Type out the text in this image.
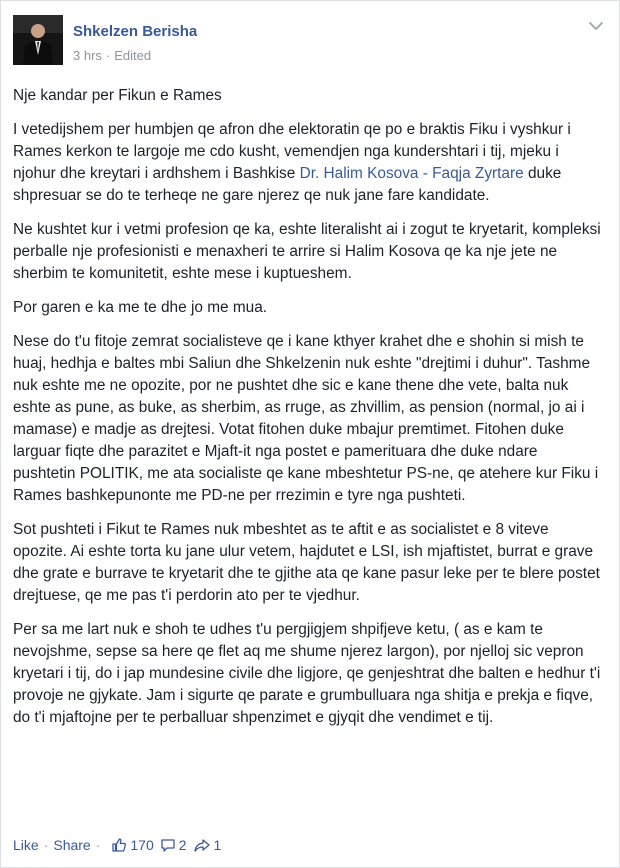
Shkelzen Berisha
3 hrs · Edited

Nje kandar per Fikun e Rames

I vetedijshem per humbjen qe afron dhe elektoratin qe po e braktis Fiku i vyshkur i Rames kerkon te largoje me cdo kusht, vemendjen nga kundershtari i tij, mjeku i njohur dhe kreytari i ardhshem i Bashkise Dr. Halim Kosova - Faqja Zyrtare duke shpresuar se do te terheqe ne gare njerez qe nuk jane fare kandidate.

Ne kushtet kur i vetmi profesion qe ka, eshte literalisht ai i zogut te kryetarit, kompleksi perballe nje profesionisti e menaxheri te arrire si Halim Kosova qe ka nje jete ne sherbim te komunitetit, eshte mese i kuptueshem.

Por garen e ka me te dhe jo me mua.

Nese do t'u fitoje zemrat socialisteve qe i kane kthyer krahet dhe e shohin si mish te huaj, hedhja e baltes mbi Saliun dhe Shkelzenin nuk eshte "drejtimi i duhur". Tashme nuk eshte me ne opozite, por ne pushtet dhe sic e kane thene dhe vete, balta nuk eshte as pune, as buke, as sherbim, as rruge, as zhvillim, as pension (normal, jo ai i mamase) e madje as drejtesi. Votat fitohen duke mbajur premtimet. Fitohen duke larguar fiqte dhe parazitet e Mjaft-it nga postet e pamerituara dhe duke ndare pushtetin POLITIK, me ata socialiste qe kane mbeshtetur PS-ne, qe atehere kur Fiku i Rames bashkepunonte me PD-ne per rrezimin e tyre nga pushteti.

Sot pushteti i Fikut te Rames nuk mbeshtet as te aftit e as socialistet e 8 viteve opozite. Ai eshte torta ku jane ulur vetem, hajdutet e LSI, ish mjaftistet, burrat e grave dhe grate e burrave te kryetarit dhe te gjithe ata qe kane pasur leke per te blere postet drejtuese, qe me pas t'i perdorin ato per te vjedhur.

Per sa me lart nuk e shoh te udhes t'u pergjigjem shpifjeve ketu, ( as e kam te nevojshme, sepse sa here qe flet aq me shume njerez largon), por njelloj sic vepron kryetari i tij, do i jap mundesine civile dhe ligjore, qe genjeshtrat dhe balten e hedhur t'i provoje ne gjykate. Jam i sigurte qe parate e grumbulluara nga shitja e prekja e fiqve, do t'i mjaftojne per te perballuar shpenzimet e gjyqit dhe vendimet e tij.

Like · Share ·	170 2 1
